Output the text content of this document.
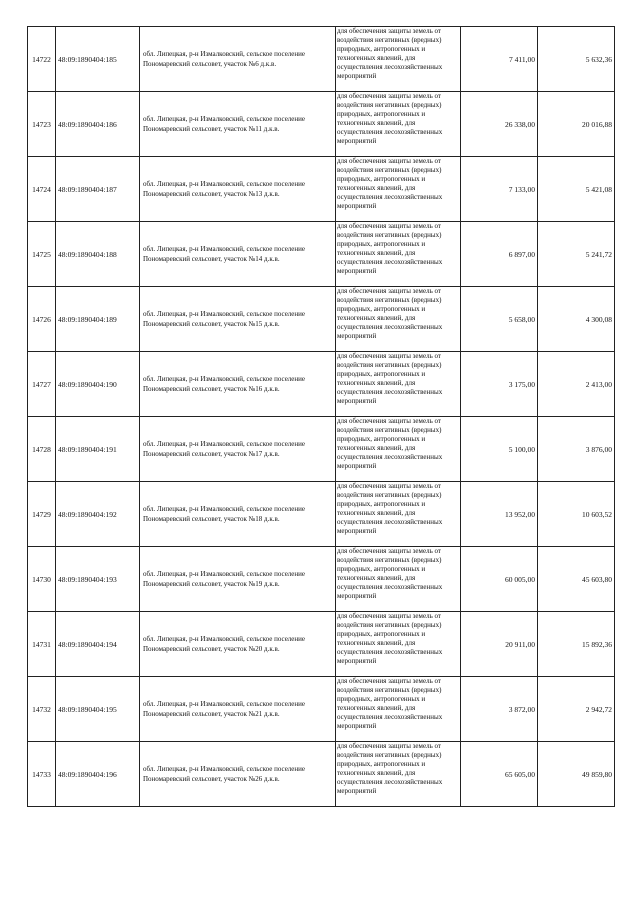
14722	48:09:1890404:185	обл. Липецкая, р-н Измалковский, сельское поселение Пономаревский сельсовет, участок №6 д.к.в.	для обеспечения защиты земель от воздействия негативных (вредных) природных, антропогенных и техногенных явлений, для осуществления лесохозяйственных мероприятий	7 411,00	5 632,36
14723	48:09:1890404:186	обл. Липецкая, р-н Измалковский, сельское поселение Пономаревский сельсовет, участок №11 д.к.в.	для обеспечения защиты земель от воздействия негативных (вредных) природных, антропогенных и техногенных явлений, для осуществления лесохозяйственных мероприятий	26 338,00	20 016,88
14724	48:09:1890404:187	обл. Липецкая, р-н Измалковский, сельское поселение Пономаревский сельсовет, участок №13 д.к.в.	для обеспечения защиты земель от воздействия негативных (вредных) природных, антропогенных и техногенных явлений, для осуществления лесохозяйственных мероприятий	7 133,00	5 421,08
14725	48:09:1890404:188	обл. Липецкая, р-н Измалковский, сельское поселение Пономаревский сельсовет, участок №14 д.к.в.	для обеспечения защиты земель от воздействия негативных (вредных) природных, антропогенных и техногенных явлений, для осуществления лесохозяйственных мероприятий	6 897,00	5 241,72
14726	48:09:1890404:189	обл. Липецкая, р-н Измалковский, сельское поселение Пономаревский сельсовет, участок №15 д.к.в.	для обеспечения защиты земель от воздействия негативных (вредных) природных, антропогенных и техногенных явлений, для осуществления лесохозяйственных мероприятий	5 658,00	4 300,08
14727	48:09:1890404:190	обл. Липецкая, р-н Измалковский, сельское поселение Пономаревский сельсовет, участок №16 д.к.в.	для обеспечения защиты земель от воздействия негативных (вредных) природных, антропогенных и техногенных явлений, для осуществления лесохозяйственных мероприятий	3 175,00	2 413,00
14728	48:09:1890404:191	обл. Липецкая, р-н Измалковский, сельское поселение Пономаревский сельсовет, участок №17 д.к.в.	для обеспечения защиты земель от воздействия негативных (вредных) природных, антропогенных и техногенных явлений, для осуществления лесохозяйственных мероприятий	5 100,00	3 876,00
14729	48:09:1890404:192	обл. Липецкая, р-н Измалковский, сельское поселение Пономаревский сельсовет, участок №18 д.к.в.	для обеспечения защиты земель от воздействия негативных (вредных) природных, антропогенных и техногенных явлений, для осуществления лесохозяйственных мероприятий	13 952,00	10 603,52
14730	48:09:1890404:193	обл. Липецкая, р-н Измалковский, сельское поселение Пономаревский сельсовет, участок №19 д.к.в.	для обеспечения защиты земель от воздействия негативных (вредных) природных, антропогенных и техногенных явлений, для осуществления лесохозяйственных мероприятий	60 005,00	45 603,80
14731	48:09:1890404:194	обл. Липецкая, р-н Измалковский, сельское поселение Пономаревский сельсовет, участок №20 д.к.в.	для обеспечения защиты земель от воздействия негативных (вредных) природных, антропогенных и техногенных явлений, для осуществления лесохозяйственных мероприятий	20 911,00	15 892,36
14732	48:09:1890404:195	обл. Липецкая, р-н Измалковский, сельское поселение Пономаревский сельсовет, участок №21 д.к.в.	для обеспечения защиты земель от воздействия негативных (вредных) природных, антропогенных и техногенных явлений, для осуществления лесохозяйственных мероприятий	3 872,00	2 942,72
14733	48:09:1890404:196	обл. Липецкая, р-н Измалковский, сельское поселение Пономаревский сельсовет, участок №26 д.к.в.	для обеспечения защиты земель от воздействия негативных (вредных) природных, антропогенных и техногенных явлений, для осуществления лесохозяйственных мероприятий	65 605,00	49 859,80
